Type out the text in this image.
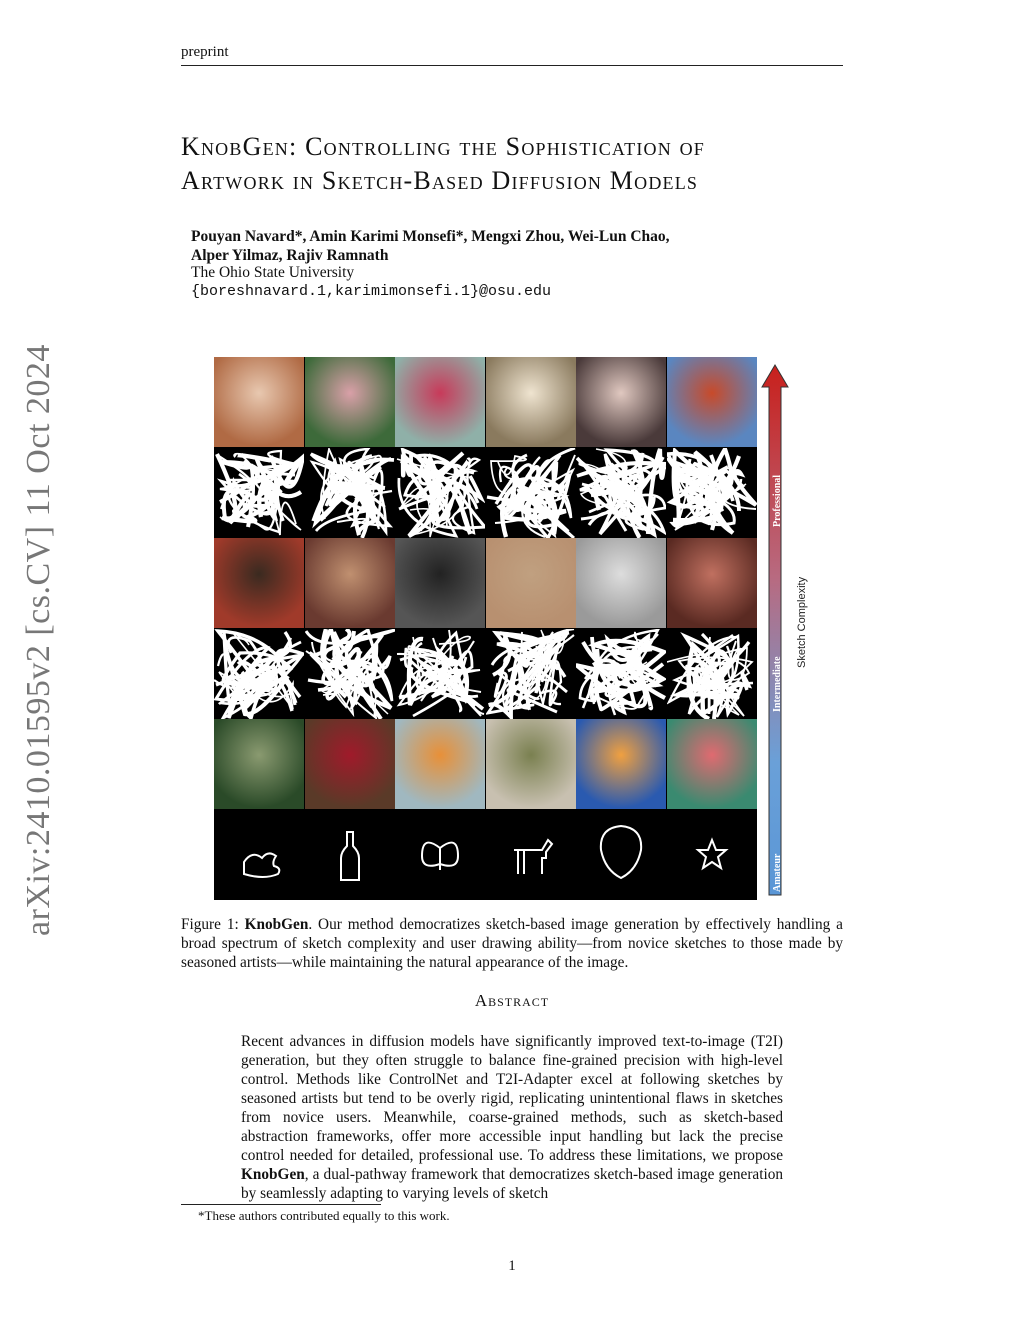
preprint
KnobGen: Controlling the Sophistication of
Artwork in Sketch-Based Diffusion Models
Pouyan Navard*, Amin Karimi Monsefi*, Mengxi Zhou, Wei-Lun Chao,
Alper Yilmaz, Rajiv Ramnath
The Ohio State University
{boreshnavard.1,karimimonsefi.1}@osu.edu
arXiv:2410.01595v2 [cs.CV] 11 Oct 2024	Professional
Intermediate
Amateur
Sketch Complexity
Figure 1: KnobGen. Our method democratizes sketch-based image generation by effectively handling a broad spectrum of sketch complexity and user drawing ability—from novice sketches to those made by seasoned artists—while maintaining the natural appearance of the image.
Abstract
Recent advances in diffusion models have significantly improved text-to-image (T2I) generation, but they often struggle to balance fine-grained precision with high-level control. Methods like ControlNet and T2I-Adapter excel at following sketches by seasoned artists but tend to be overly rigid, replicating unintentional flaws in sketches from novice users. Meanwhile, coarse-grained methods, such as sketch-based abstraction frameworks, offer more accessible input handling but lack the precise control needed for detailed, professional use. To address these limitations, we propose KnobGen, a dual-pathway framework that democratizes sketch-based image generation by seamlessly adapting to varying levels of sketch
*These authors contributed equally to this work.
1
